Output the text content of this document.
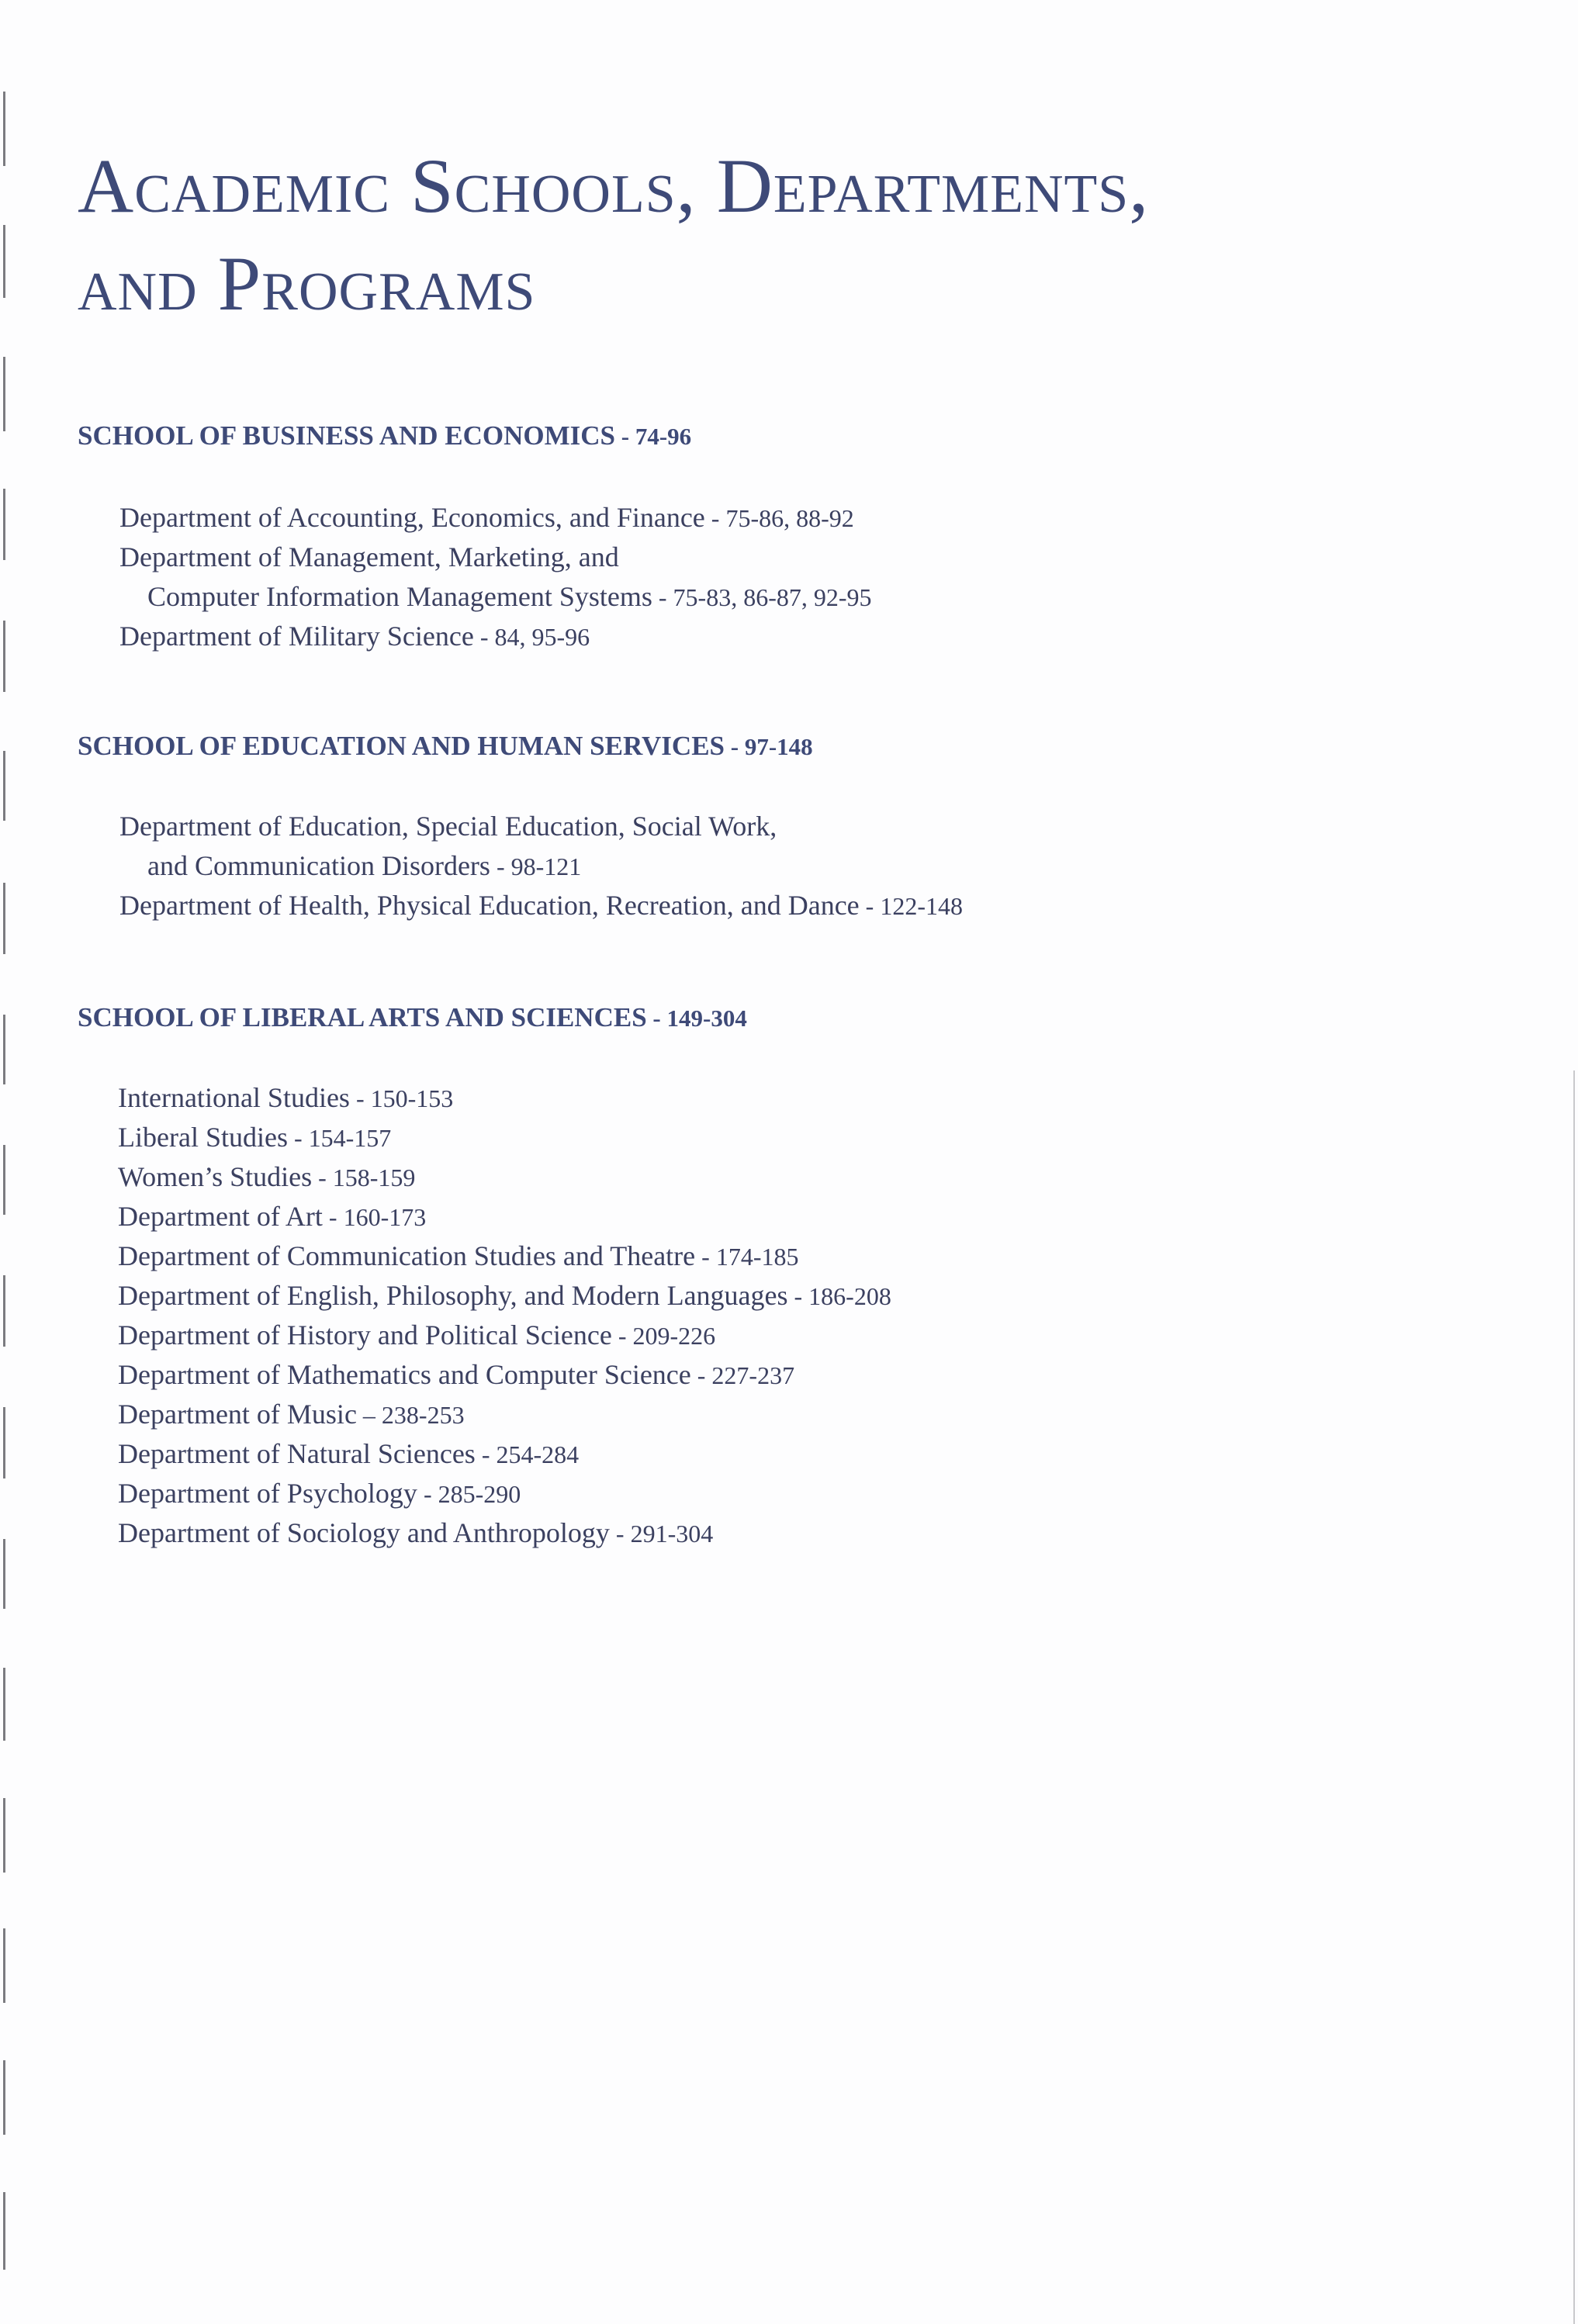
Academic Schools, Departments,
and Programs
SCHOOL OF BUSINESS AND ECONOMICS - 74-96
Department of Accounting, Economics, and Finance - 75-86, 88-92
Department of Management, Marketing, and
Computer Information Management Systems - 75-83, 86-87, 92-95
Department of Military Science - 84, 95-96
SCHOOL OF EDUCATION AND HUMAN SERVICES - 97-148
Department of Education, Special Education, Social Work,
and Communication Disorders - 98-121
Department of Health, Physical Education, Recreation, and Dance - 122-148
SCHOOL OF LIBERAL ARTS AND SCIENCES - 149-304
International Studies - 150-153
Liberal Studies - 154-157
Women’s Studies - 158-159
Department of Art - 160-173
Department of Communication Studies and Theatre - 174-185
Department of English, Philosophy, and Modern Languages - 186-208
Department of History and Political Science - 209-226
Department of Mathematics and Computer Science - 227-237
Department of Music – 238-253
Department of Natural Sciences - 254-284
Department of Psychology - 285-290
Department of Sociology and Anthropology - 291-304
